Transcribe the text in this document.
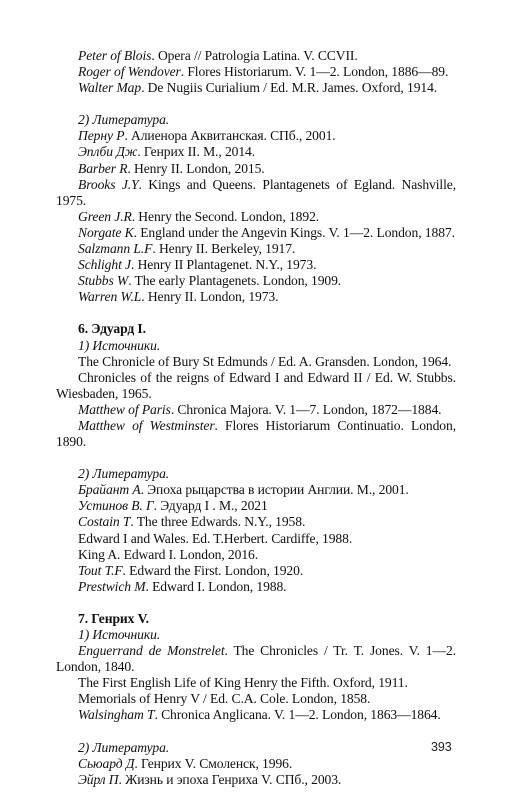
Peter of Blois. Opera // Patrologia Latina. V. CCVII.
Roger of Wendover. Flores Historiarum. V. 1—2. London, 1886—89.
Walter Map. De Nugiis Curialium / Ed. M.R. James. Oxford, 1914.
2) Литература.
Перну Р. Алиенора Аквитанская. СПб., 2001.
Эплби Дж. Генрих II. М., 2014.
Barber R. Henry II. London, 2015.
Brooks J.Y. Kings and Queens. Plantagenets of Egland. Nashville, 1975.
Green J.R. Henry the Second. London, 1892.
Norgate K. England under the Angevin Kings. V. 1—2. London, 1887.
Salzmann L.F. Henry II. Berkeley, 1917.
Schlight J. Henry II Plantagenet. N.Y., 1973.
Stubbs W. The early Plantagenets. London, 1909.
Warren W.L. Henry II. London, 1973.
6. Эдуард I.
1) Источники.
The Chronicle of Bury St Edmunds / Ed. A. Gransden. London, 1964.
Chronicles of the reigns of Edward I and Edward II / Ed. W. Stubbs. Wiesbaden, 1965.
Matthew of Paris. Chronica Majora. V. 1—7. London, 1872—1884.
Matthew of Westminster. Flores Historiarum Continuatio. London, 1890.
2) Литература.
Брайант А. Эпоха рыцарства в истории Англии. М., 2001.
Устинов В. Г. Эдуард I . М., 2021
Costain T. The three Edwards. N.Y., 1958.
Edward I and Wales. Ed. T.Herbert. Cardiffe, 1988.
King A. Edward I. London, 2016.
Tout T.F. Edward the First. London, 1920.
Prestwich M. Edward I. London, 1988.
7. Генрих V.
1) Источники.
Enguerrand de Monstrelet. The Chronicles / Tr. T. Jones. V. 1—2. London, 1840.
The First English Life of King Henry the Fifth. Oxford, 1911.
Memorials of Henry V / Ed. C.A. Cole. London, 1858.
Walsingham T. Chronica Anglicana. V. 1—2. London, 1863—1864.
2) Литература.
Сьюард Д. Генрих V. Смоленск, 1996.
Эйрл П. Жизнь и эпоха Генриха V. СПб., 2003.
393
